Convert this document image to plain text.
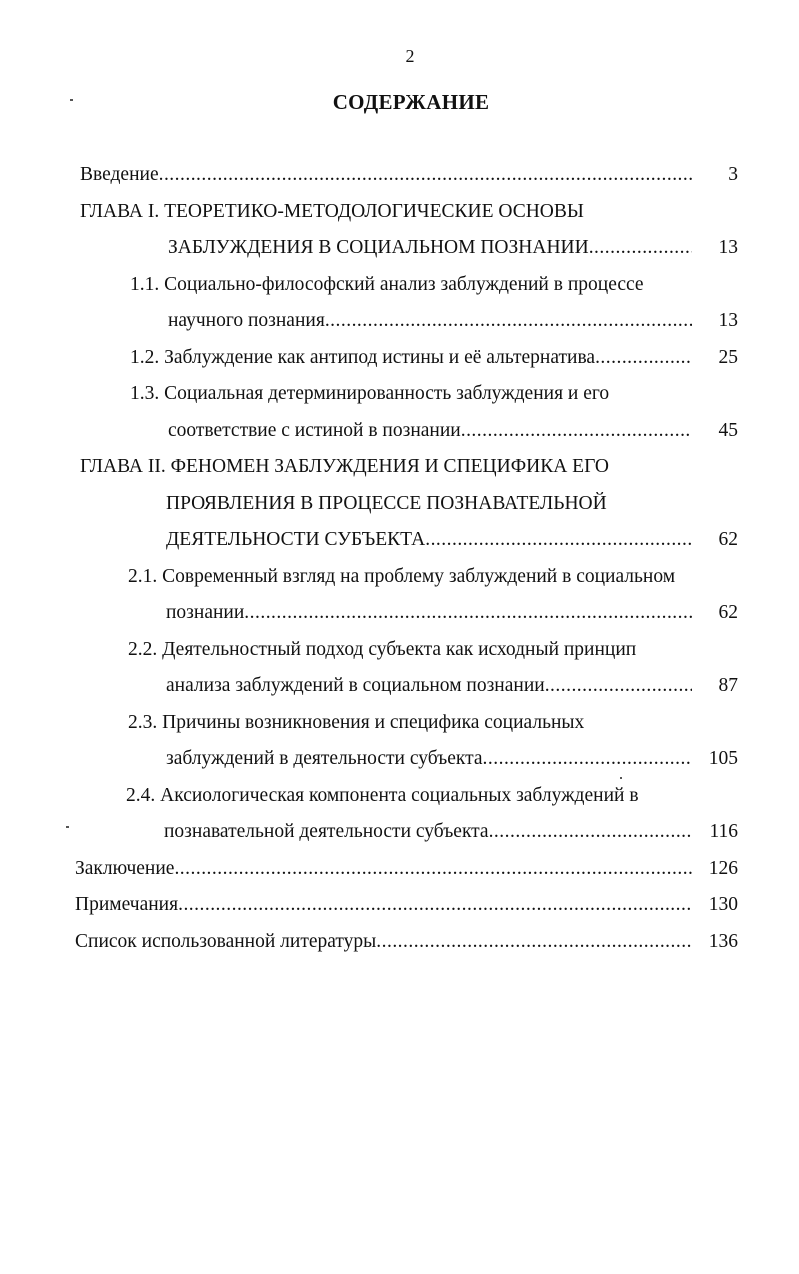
2
СОДЕРЖАНИЕ
Введение . . .	3
ГЛАВА I. ТЕОРЕТИКО-МЕТОДОЛОГИЧЕСКИЕ ОСНОВЫ
ЗАБЛУЖДЕНИЯ В СОЦИАЛЬНОМ ПОЗНАНИИ . . .	13
1.1. Социально-философский анализ заблуждений в процессе
научного познания . . .	13
1.2. Заблуждение как антипод истины и её альтернатива . . .	25
1.3. Социальная детерминированность заблуждения и его
соответствие с истиной в познании . . .	45
ГЛАВА II. ФЕНОМЕН ЗАБЛУЖДЕНИЯ И СПЕЦИФИКА ЕГО
ПРОЯВЛЕНИЯ В ПРОЦЕССЕ ПОЗНАВАТЕЛЬНОЙ
ДЕЯТЕЛЬНОСТИ СУБЪЕКТА . . .	62
2.1. Современный взгляд на проблему заблуждений в социальном
познании . . .	62
2.2. Деятельностный подход субъекта как исходный принцип
анализа заблуждений в социальном познании . . .	87
2.3. Причины возникновения и специфика социальных
заблуждений в деятельности субъекта . . .	105
2.4. Аксиологическая компонента социальных заблуждений в
познавательной деятельности субъекта . . .	116
Заключение . . .	126
Примечания . . .	130
Список использованной литературы . . .	136
